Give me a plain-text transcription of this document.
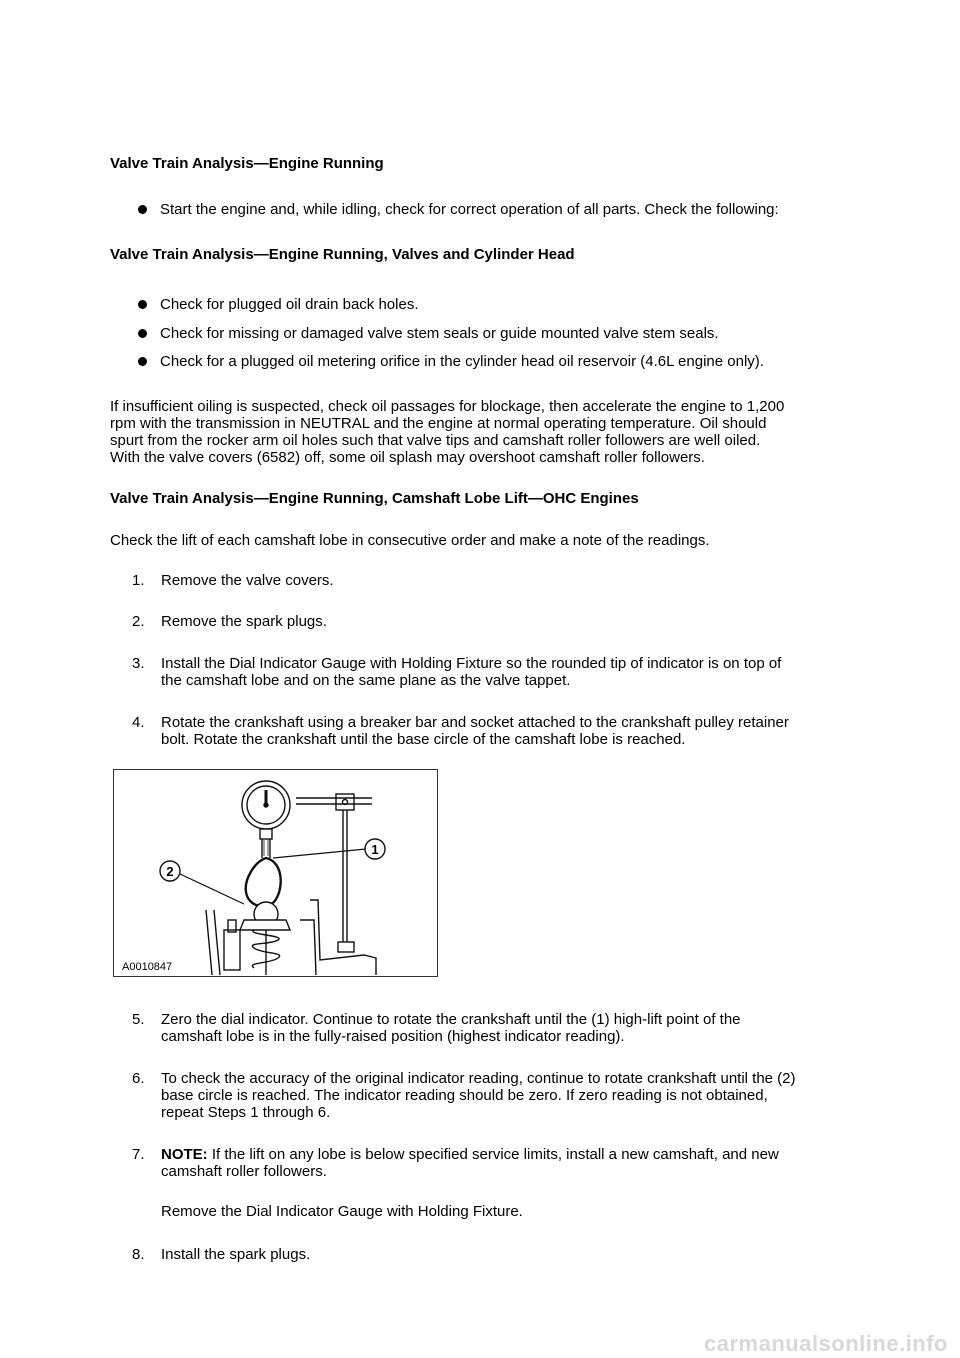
Valve Train Analysis—Engine Running
Start the engine and, while idling, check for correct operation of all parts. Check the following:
Valve Train Analysis—Engine Running, Valves and Cylinder Head
Check for plugged oil drain back holes.
Check for missing or damaged valve stem seals or guide mounted valve stem seals.
Check for a plugged oil metering orifice in the cylinder head oil reservoir (4.6L engine only).
If insufficient oiling is suspected, check oil passages for blockage, then accelerate the engine to 1,200
rpm with the transmission in NEUTRAL and the engine at normal operating temperature. Oil should
spurt from the rocker arm oil holes such that valve tips and camshaft roller followers are well oiled.
With the valve covers (6582) off, some oil splash may overshoot camshaft roller followers.
Valve Train Analysis—Engine Running, Camshaft Lobe Lift—OHC Engines
Check the lift of each camshaft lobe in consecutive order and make a note of the readings.
1. Remove the valve covers.
2. Remove the spark plugs.
3. Install the Dial Indicator Gauge with Holding Fixture so the rounded tip of indicator is on top of
the camshaft lobe and on the same plane as the valve tappet.
4. Rotate the crankshaft using a breaker bar and socket attached to the crankshaft pulley retainer
bolt. Rotate the crankshaft until the base circle of the camshaft lobe is reached.
5. Zero the dial indicator. Continue to rotate the crankshaft until the (1) high-lift point of the
camshaft lobe is in the fully-raised position (highest indicator reading).
6. To check the accuracy of the original indicator reading, continue to rotate crankshaft until the (2)
base circle is reached. The indicator reading should be zero. If zero reading is not obtained,
repeat Steps 1 through 6.
7. NOTE: If the lift on any lobe is below specified service limits, install a new camshaft, and new
camshaft roller followers.
Remove the Dial Indicator Gauge with Holding Fixture.
8. Install the spark plugs.
1
2
A0010847
carmanualsonline.info
